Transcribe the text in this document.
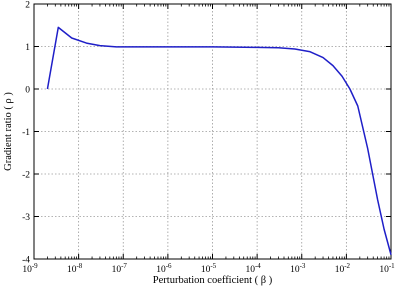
$10^{-9}$	$10^{-8}$	$10^{-7}$	$10^{-6}$	$10^{-5}$	$10^{-4}$	$10^{-3}$	$10^{-2}$	$10^{-1}$
-4
-3
-2
-1
0
1
2
Perturbation coefficient ( β )
Gradient ratio ( ρ )
